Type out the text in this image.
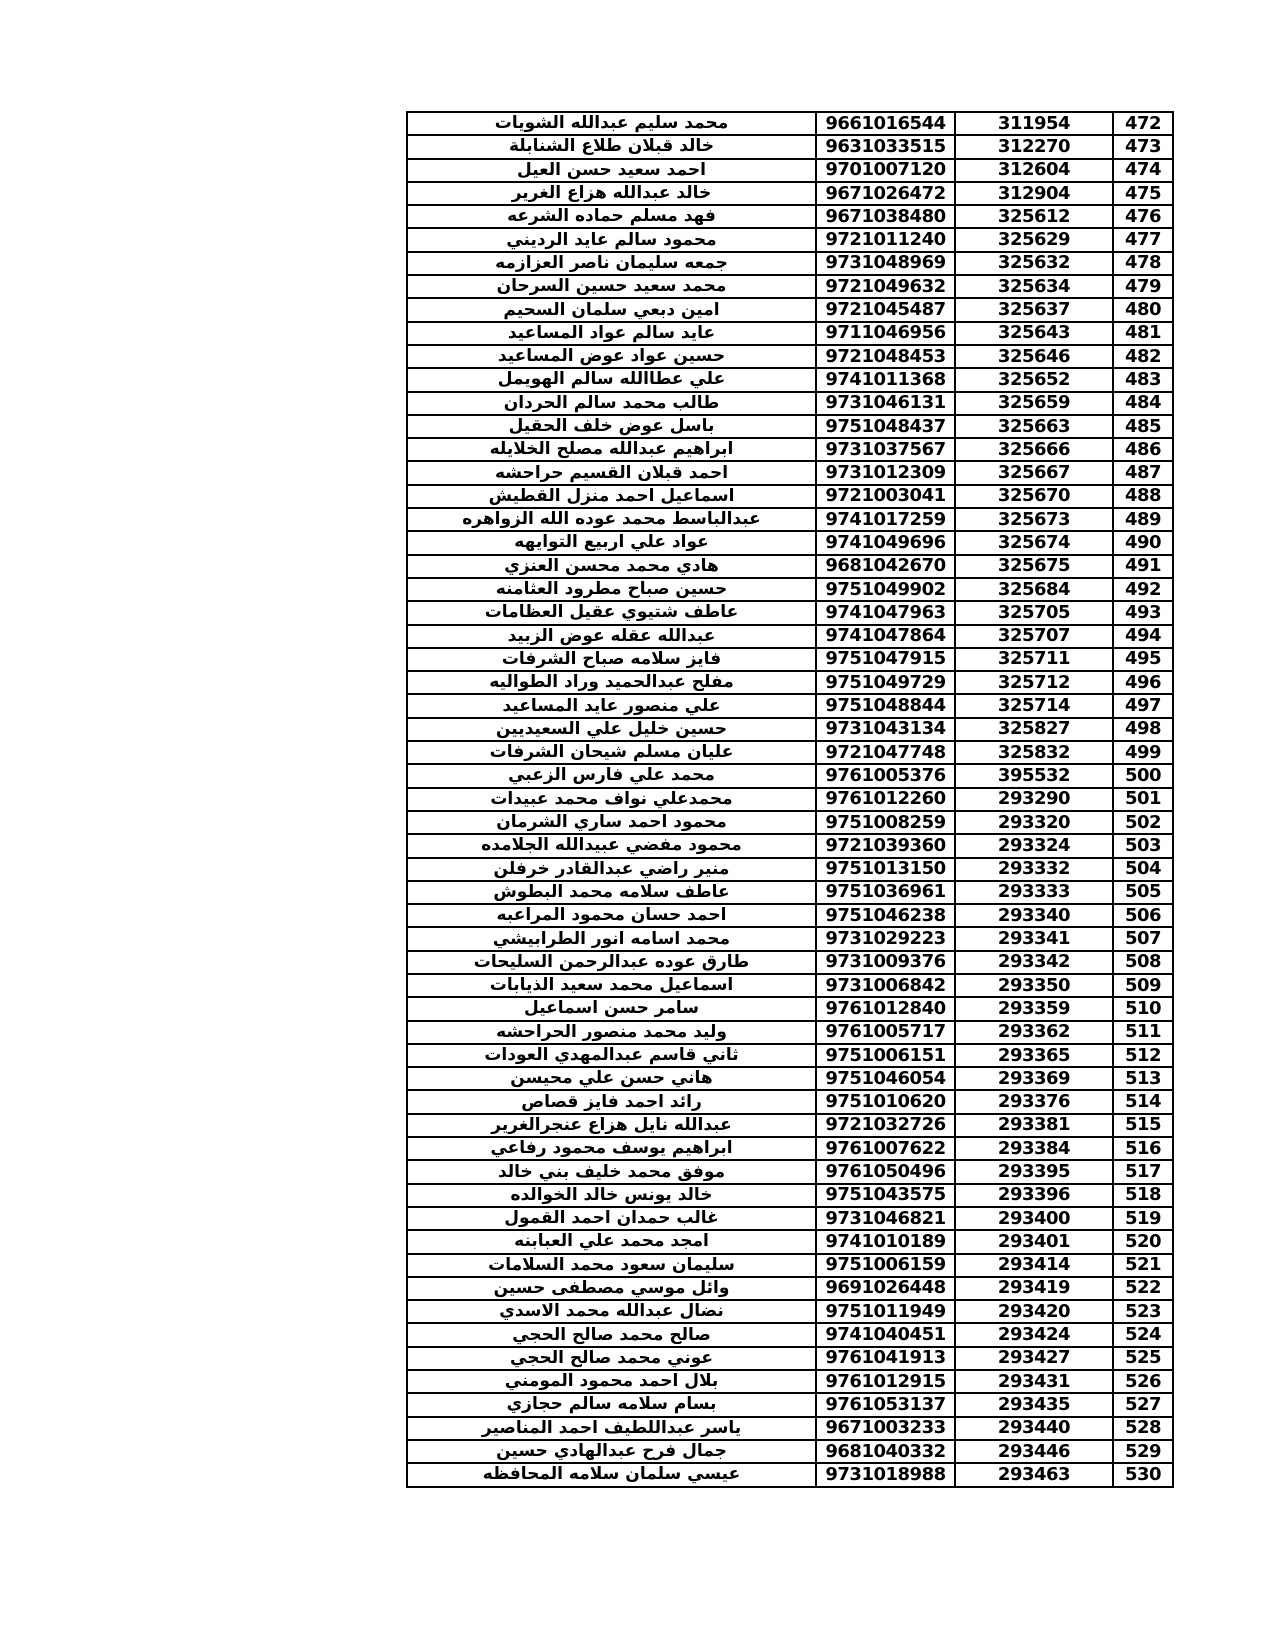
محمد سليم عبدالله الشويات	9661016544	311954	472
خالد قبلان طلاع الشنابلة	9631033515	312270	473
احمد سعيد حسن العيل	9701007120	312604	474
خالد عبدالله هزاع الغرير	9671026472	312904	475
فهد مسلم حماده الشرعه	9671038480	325612	476
محمود سالم عايد الرديني	9721011240	325629	477
جمعه سليمان ناصر العزازمه	9731048969	325632	478
محمد سعيد حسين السرحان	9721049632	325634	479
امين دبعي سلمان السحيم	9721045487	325637	480
عايد سالم عواد المساعيد	9711046956	325643	481
حسين عواد عوض المساعيد	9721048453	325646	482
علي عطاالله سالم الهويمل	9741011368	325652	483
طالب محمد سالم الحردان	9731046131	325659	484
باسل عوض خلف الحقيل	9751048437	325663	485
ابراهيم عبدالله مصلح الخلايله	9731037567	325666	486
احمد قبلان القسيم حراحشه	9731012309	325667	487
اسماعيل احمد منزل القطيش	9721003041	325670	488
عبدالباسط محمد عوده الله الزواهره	9741017259	325673	489
عواد علي اربيع التوايهه	9741049696	325674	490
هادي محمد محسن العنزي	9681042670	325675	491
حسين صباح مطرود العثامنه	9751049902	325684	492
عاطف شتيوي عقيل العظامات	9741047963	325705	493
عبدالله عقله عوض الزبيد	9741047864	325707	494
فايز سلامه صباح الشرفات	9751047915	325711	495
مفلح عبدالحميد وراد الطواليه	9751049729	325712	496
علي منصور عايد المساعيد	9751048844	325714	497
حسين خليل علي السعيديين	9731043134	325827	498
عليان مسلم شيحان الشرفات	9721047748	325832	499
محمد علي فارس الزعبي	9761005376	395532	500
محمدعلي نواف محمد عبيدات	9761012260	293290	501
محمود احمد ساري الشرمان	9751008259	293320	502
محمود مفضي عبيدالله الجلامده	9721039360	293324	503
منير راضي عبدالقادر خرفلن	9751013150	293332	504
عاطف سلامه محمد البطوش	9751036961	293333	505
احمد حسان محمود المراعبه	9751046238	293340	506
محمد اسامه انور الطرابيشي	9731029223	293341	507
طارق عوده عبدالرحمن السليحات	9731009376	293342	508
اسماعيل محمد سعيد الذيابات	9731006842	293350	509
سامر حسن اسماعيل	9761012840	293359	510
وليد محمد منصور الحراحشه	9761005717	293362	511
ثاني قاسم عبدالمهدي العودات	9751006151	293365	512
هاني حسن علي محيسن	9751046054	293369	513
رائد احمد فايز قصاص	9751010620	293376	514
عبدالله نايل هزاع عنجرالغرير	9721032726	293381	515
ابراهيم يوسف محمود رفاعي	9761007622	293384	516
موفق محمد خليف بني خالد	9761050496	293395	517
خالد يونس خالد الخوالده	9751043575	293396	518
غالب حمدان احمد القمول	9731046821	293400	519
امجد محمد علي العبابنه	9741010189	293401	520
سليمان سعود محمد السلامات	9751006159	293414	521
وائل موسي مصطفى حسين	9691026448	293419	522
نضال عبدالله محمد الاسدي	9751011949	293420	523
صالح محمد صالح الحجي	9741040451	293424	524
عوني محمد صالح الحجي	9761041913	293427	525
بلال احمد محمود المومني	9761012915	293431	526
بسام سلامه سالم حجازي	9761053137	293435	527
ياسر عبداللطيف احمد المناصير	9671003233	293440	528
جمال فرح عبدالهادي حسين	9681040332	293446	529
عيسي سلمان سلامه المحافظه	9731018988	293463	530
